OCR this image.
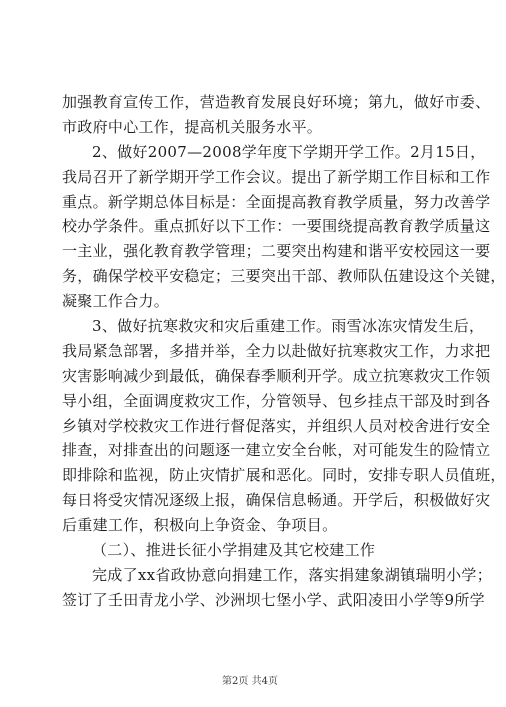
加强教育宣传工作，营造教育发展良好环境；第九，做好市委、
市政府中心工作，提高机关服务水平。
2、做好2007—2008学年度下学期开学工作。2月15日，
我局召开了新学期开学工作会议。提出了新学期工作目标和工作
重点。新学期总体目标是：全面提高教育教学质量，努力改善学
校办学条件。重点抓好以下工作：一要围绕提高教育教学质量这
一主业，强化教育教学管理；二要突出构建和谐平安校园这一要
务，确保学校平安稳定；三要突出干部、教师队伍建设这个关键，
凝聚工作合力。
3、做好抗寒救灾和灾后重建工作。雨雪冰冻灾情发生后，
我局紧急部署，多措并举，全力以赴做好抗寒救灾工作，力求把
灾害影响减少到最低，确保春季顺利开学。成立抗寒救灾工作领
导小组，全面调度救灾工作，分管领导、包乡挂点干部及时到各
乡镇对学校救灾工作进行督促落实，并组织人员对校舍进行安全
排查，对排查出的问题逐一建立安全台帐，对可能发生的险情立
即排除和监视，防止灾情扩展和恶化。同时，安排专职人员值班，
每日将受灾情况逐级上报，确保信息畅通。开学后，积极做好灾
后重建工作，积极向上争资金、争项目。
（二）、推进长征小学捐建及其它校建工作
完成了xx省政协意向捐建工作，落实捐建象湖镇瑞明小学；
签订了壬田青龙小学、沙洲坝七堡小学、武阳凌田小学等9所学
第2页 共4页
